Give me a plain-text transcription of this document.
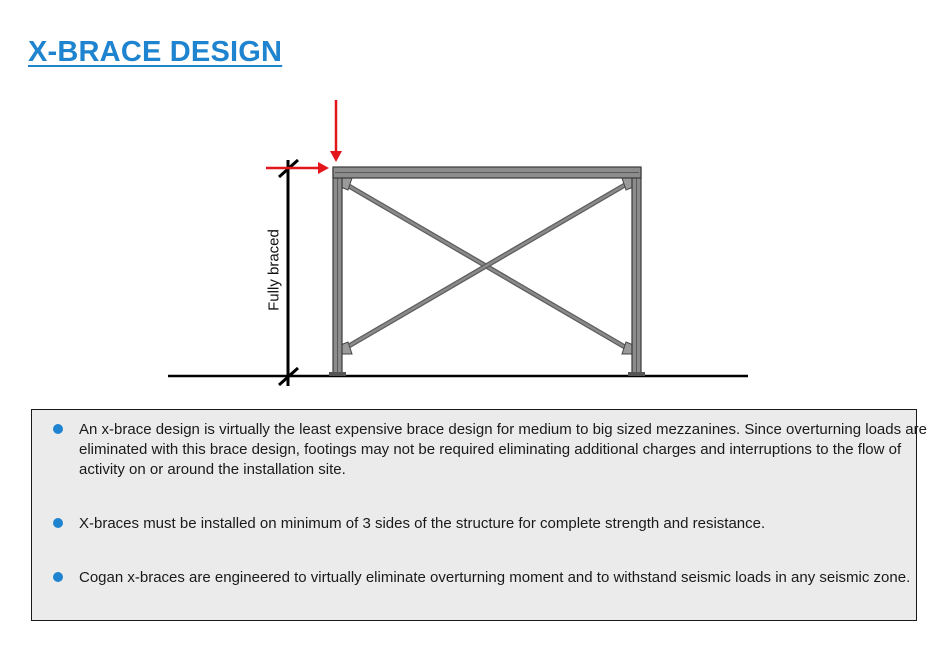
X-BRACE DESIGN
Fully braced
An x-brace design is virtually the least expensive brace design for medium to big sized mezzanines. Since overturning loads are eliminated with this brace design, footings may not be required eliminating additional charges and interruptions to the flow of activity on or around the installation site.
X-braces must be installed on minimum of 3 sides of the structure for complete strength and resistance.
Cogan x-braces are engineered to virtually eliminate overturning moment and to withstand seismic loads in any seismic zone.
